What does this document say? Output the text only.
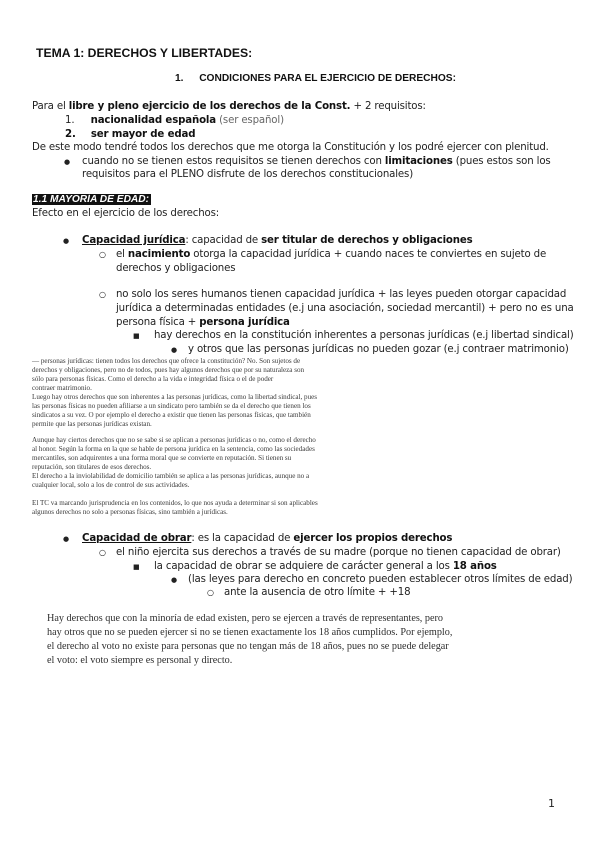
TEMA 1: DERECHOS Y LIBERTADES:
1. CONDICIONES PARA EL EJERCICIO DE DERECHOS:
Para el libre y pleno ejercicio de los derechos de la Const. + 2 requisitos:
1. nacionalidad española (ser español)
2. ser mayor de edad
De este modo tendré todos los derechos que me otorga la Constitución y los podré ejercer con plenitud.
● cuando no se tienen estos requisitos se tienen derechos con limitaciones (pues estos son los
requisitos para el PLENO disfrute de los derechos constitucionales)
1.1 MAYORÍA DE EDAD:
Efecto en el ejercicio de los derechos:
● Capacidad jurídica: capacidad de ser titular de derechos y obligaciones
○ el nacimiento otorga la capacidad jurídica + cuando naces te conviertes en sujeto de
derechos y obligaciones
○ no solo los seres humanos tienen capacidad jurídica + las leyes pueden otorgar capacidad
jurídica a determinadas entidades (e.j una asociación, sociedad mercantil) + pero no es una
persona física + persona jurídica
■ hay derechos en la constitución inherentes a personas jurídicas (e.j libertad sindical)
● y otros que las personas jurídicas no pueden gozar (e.j contraer matrimonio)
— personas jurídicas: tienen todos los derechos que ofrece la constitución? No. Son sujetos de
derechos y obligaciones, pero no de todos, pues hay algunos derechos que por su naturaleza son
sólo para personas físicas. Como el derecho a la vida e integridad física o el de poder
contraer matrimonio.
Luego hay otros derechos que son inherentes a las personas jurídicas, como la libertad sindical, pues
las personas físicas no pueden afiliarse a un sindicato pero también se da el derecho que tienen los
sindicatos a su vez. O por ejemplo el derecho a existir que tienen las personas físicas, que también
permite que las personas jurídicas existan.
Aunque hay ciertos derechos que no se sabe si se aplican a personas jurídicas o no, como el derecho
al honor. Según la forma en la que se hable de persona jurídica en la sentencia, como las sociedades
mercantiles, son adquirentes a una forma moral que se convierte en reputación. Si tienen su
reputación, son titulares de esos derechos.
El derecho a la inviolabilidad de domicilio también se aplica a las personas jurídicas, aunque no a
cualquier local, solo a los de control de sus actividades.
El TC va marcando jurisprudencia en los contenidos, lo que nos ayuda a determinar si son aplicables
algunos derechos no solo a personas físicas, sino también a jurídicas.
● Capacidad de obrar: es la capacidad de ejercer los propios derechos
○ el niño ejercita sus derechos a través de su madre (porque no tienen capacidad de obrar)
■ la capacidad de obrar se adquiere de carácter general a los 18 años
● (las leyes para derecho en concreto pueden establecer otros límites de edad)
○ ante la ausencia de otro límite + +18
Hay derechos que con la minoría de edad existen, pero se ejercen a través de representantes, pero
hay otros que no se pueden ejercer si no se tienen exactamente los 18 años cumplidos. Por ejemplo,
el derecho al voto no existe para personas que no tengan más de 18 años, pues no se puede delegar
el voto: el voto siempre es personal y directo.
1
